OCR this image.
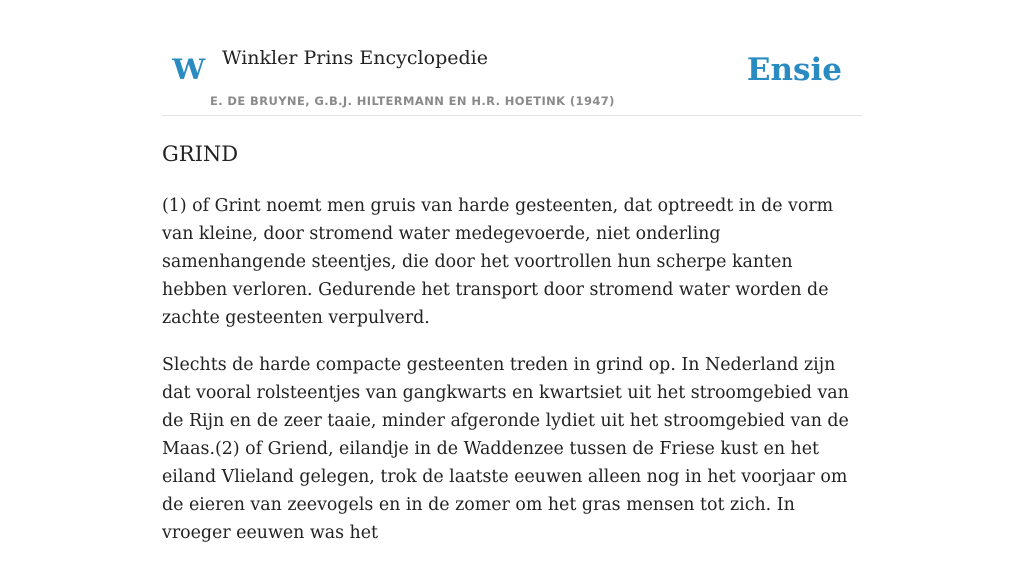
W Winkler Prins Encyclopedie
E. DE BRUYNE, G.B.J. HILTERMANN EN H.R. HOETINK (1947)
Ensie
GRIND

(1) of Grint noemt men gruis van harde gesteenten, dat optreedt in de vorm van kleine, door stromend water medegevoerde, niet onderling samenhangende steentjes, die door het voortrollen hun scherpe kanten hebben verloren. Gedurende het transport door stromend water worden de zachte gesteenten verpulverd.

Slechts de harde compacte gesteenten treden in grind op. In Nederland zijn dat vooral rolsteentjes van gangkwarts en kwartsiet uit het stroomgebied van de Rijn en de zeer taaie, minder afgeronde lydiet uit het stroomgebied van de Maas.(2) of Griend, eilandje in de Waddenzee tussen de Friese kust en het eiland Vlieland gelegen, trok de laatste eeuwen alleen nog in het voorjaar om de eieren van zeevogels en in de zomer om het gras mensen tot zich. In vroeger eeuwen was het
